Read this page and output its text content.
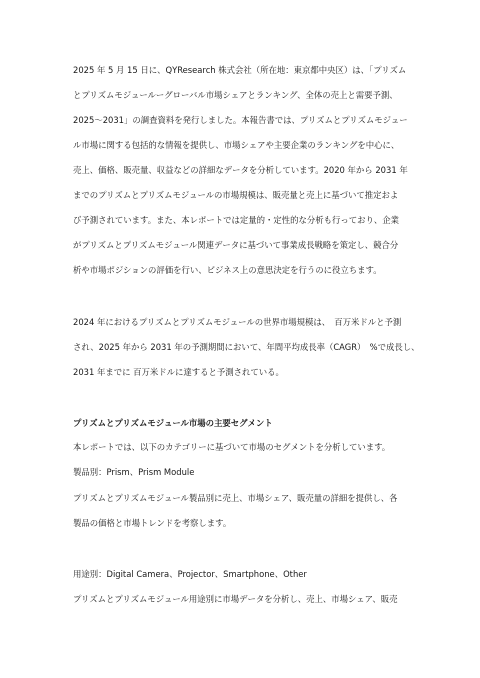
2025 年 5 月 15 日に、QYResearch 株式会社（所在地：東京都中央区）は、「プリズム
とプリズムモジュールーグローバル市場シェアとランキング、全体の売上と需要予測、
2025〜2031」の調査資料を発行しました。本報告書では、プリズムとプリズムモジュー
ル市場に関する包括的な情報を提供し、市場シェアや主要企業のランキングを中心に、
売上、価格、販売量、収益などの詳細なデータを分析しています。2020 年から 2031 年
までのプリズムとプリズムモジュールの市場規模は、販売量と売上に基づいて推定およ
び予測されています。また、本レポートでは定量的・定性的な分析も行っており、企業
がプリズムとプリズムモジュール関連データに基づいて事業成長戦略を策定し、競合分
析や市場ポジションの評価を行い、ビジネス上の意思決定を行うのに役立ちます。
2024 年におけるプリズムとプリズムモジュールの世界市場規模は、　百万米ドルと予測
され、2025 年から 2031 年の予測期間において、年間平均成長率（CAGR）　%で成長し、
2031 年までに 百万米ドルに達すると予測されている。
プリズムとプリズムモジュール市場の主要セグメント
本レポートでは、以下のカテゴリーに基づいて市場のセグメントを分析しています。
製品別：Prism、Prism Module
プリズムとプリズムモジュール製品別に売上、市場シェア、販売量の詳細を提供し、各
製品の価格と市場トレンドを考察します。
用途別：Digital Camera、Projector、Smartphone、Other
プリズムとプリズムモジュール用途別に市場データを分析し、売上、市場シェア、販売
